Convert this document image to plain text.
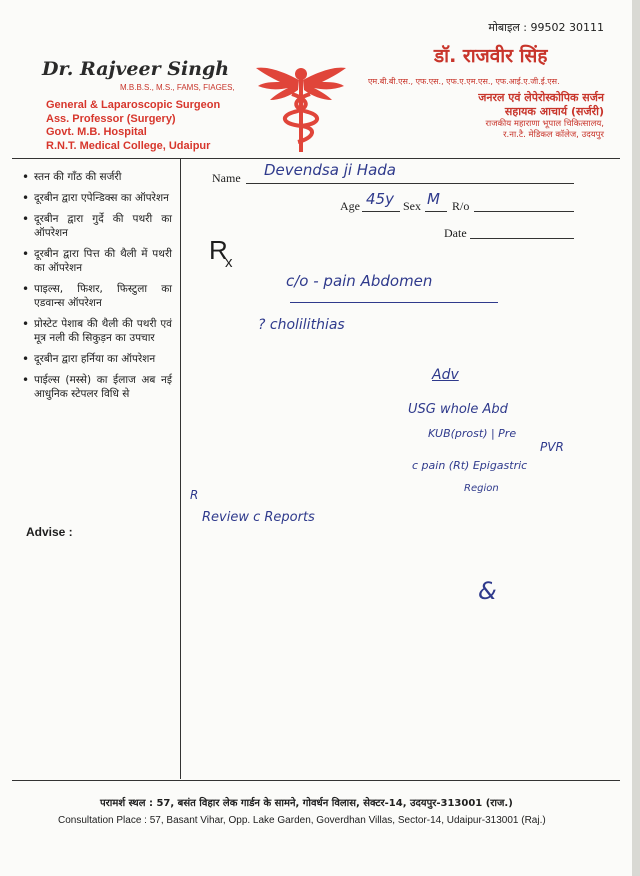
मोबाइल : 99502 30111
Dr. Rajveer Singh
M.B.B.S., M.S., FAMS, FIAGES,
General & Laparoscopic Surgeon
Ass. Professor (Surgery)
Govt. M.B. Hospital
R.N.T. Medical College, Udaipur
डॉ. राजवीर सिंह
एम.बी.बी.एस., एफ.एस., एफ.ए.एम.एस., एफ.आई.ए.जी.ई.एस.
जनरल एवं लेपेरोस्कोपिक सर्जन
सहायक आचार्य (सर्जरी)
राजकीय महाराणा भूपाल चिकित्सालय,
र.ना.टै. मेडिकल कॉलेज, उदयपुर
• स्तन की गाँठ की सर्जरी
• दूरबीन द्वारा एपेन्डिक्स का ऑपरेशन
• दूरबीन द्वारा गुर्दे की पथरी का ऑपरेशन
• दूरबीन द्वारा पित्त की थैली में पथरी का ऑपरेशन
• पाइल्स, फिशर, फिस्टुला का एडवान्स ऑपरेशन
• प्रोस्टेट पेशाब की थैली की पथरी एवं मूत्र नली की सिकुड़न का उपचार
• दूरबीन द्वारा हर्निया का ऑपरेशन
• पाईल्स (मस्से) का ईलाज अब नई आधुनिक स्टेपलर विधि से
Advise :
Name Devendsa ji Hada
Age 45y Sex M R/o
Date
R
x
c/o - pain Abdomen
? cholilithias
Adv
USG whole Abd
KUB(prost) | Pre
PVR
c pain (Rt) Epigastric
Region
R
Review c Reports
&
परामर्श स्थल : 57, बसंत विहार लेक गार्डन के सामने, गोवर्धन विलास, सेक्टर-14, उदयपुर-313001 (राज.)
Consultation Place : 57, Basant Vihar, Opp. Lake Garden, Goverdhan Villas, Sector-14, Udaipur-313001 (Raj.)
